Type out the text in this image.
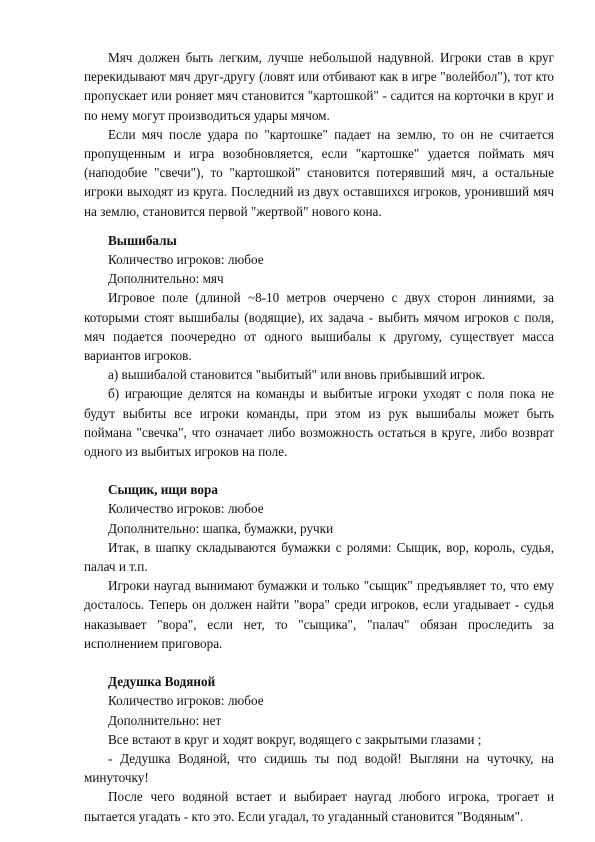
Мяч должен быть легким, лучше небольшой надувной. Игроки став в круг перекидывают мяч друг-другу (ловят или отбивают как в игре "волейбол"), тот кто пропускает или роняет мяч становится "картошкой" - садится на корточки в круг и по нему могут производиться удары мячом.

Если мяч после удара по "картошке" падает на землю, то он не считается пропущенным и игра возобновляется, если "картошке" удается поймать мяч (наподобие "свечи"), то "картошкой" становится потерявший мяч, а остальные игроки выходят из круга. Последний из двух оставшихся игроков, уронивший мяч на землю, становится первой "жертвой" нового кона.

Вышибалы

Количество игроков: любое

Дополнительно: мяч

Игровое поле (длиной ~8-10 метров очерчено с двух сторон линиями, за которыми стоят вышибалы (водящие), их задача - выбить мячом игроков с поля, мяч подается поочередно от одного вышибалы к другому, существует масса вариантов игроков.

а) вышибалой становится "выбитый" или вновь прибывший игрок.

б) играющие делятся на команды и выбитые игроки уходят с поля пока не будут выбиты все игроки команды, при этом из рук вышибалы может быть поймана "свечка", что означает либо возможность остаться в круге, либо возврат одного из выбитых игроков на поле.

Сыщик, ищи вора

Количество игроков: любое

Дополнительно: шапка, бумажки, ручки

Итак, в шапку складываются бумажки с ролями: Сыщик, вор, король, судья, палач и т.п.

Игроки наугад вынимают бумажки и только "сыщик" предъявляет то, что ему досталось. Теперь он должен найти "вора" среди игроков, если угадывает - судья наказывает "вора", если нет, то "сыщика", "палач" обязан проследить за исполнением приговора.

Дедушка Водяной

Количество игроков: любое

Дополнительно: нет

Все встают в круг и ходят вокруг, водящего с закрытыми глазами ;

- Дедушка Водяной, что сидишь ты под водой! Выгляни на чуточку, на минуточку!

После чего водяной встает и выбирает наугад любого игрока, трогает и пытается угадать - кто это. Если угадал, то угаданный становится "Водяным".
